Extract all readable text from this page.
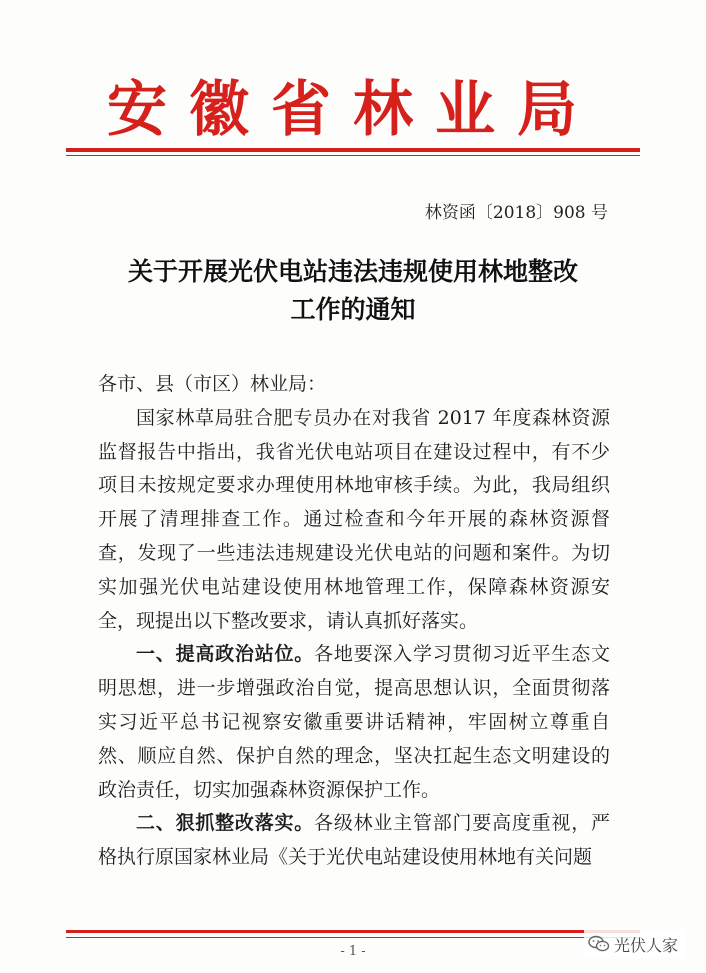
安徽省林业局
林资函〔2018〕908 号
关于开展光伏电站违法违规使用林地整改
工作的通知

各市、县（市区）林业局：

国家林草局驻合肥专员办在对我省 2017 年度森林资源监督报告中指出，我省光伏电站项目在建设过程中，有不少项目未按规定要求办理使用林地审核手续。为此，我局组织开展了清理排查工作。通过检查和今年开展的森林资源督查，发现了一些违法违规建设光伏电站的问题和案件。为切实加强光伏电站建设使用林地管理工作，保障森林资源安全，现提出以下整改要求，请认真抓好落实。

一、提高政治站位。各地要深入学习贯彻习近平生态文明思想，进一步增强政治自觉，提高思想认识，全面贯彻落实习近平总书记视察安徽重要讲话精神，牢固树立尊重自然、顺应自然、保护自然的理念，坚决扛起生态文明建设的政治责任，切实加强森林资源保护工作。

二、狠抓整改落实。各级林业主管部门要高度重视，严格执行原国家林业局《关于光伏电站建设使用林地有关问题

- 1 -	光伏人家
